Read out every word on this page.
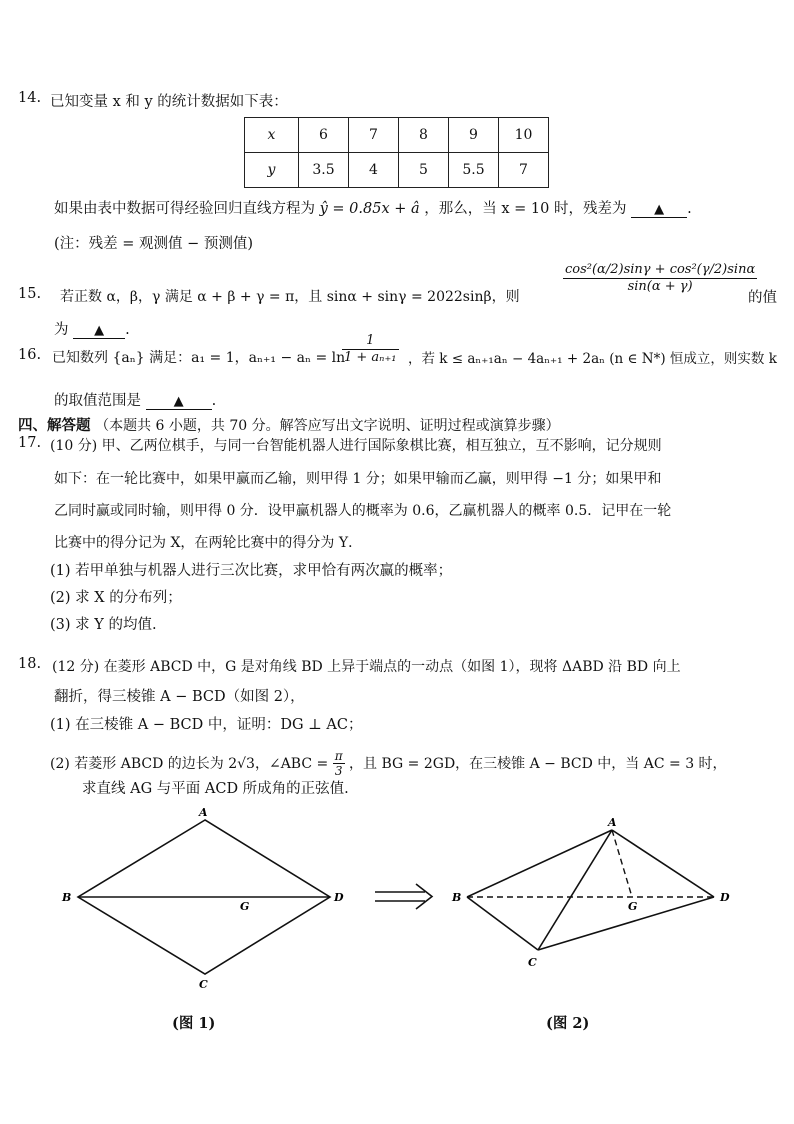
14. 已知变量 x 和 y 的统计数据如下表：
x	6	7	8	9	10
y	3.5	4	5	5.5	7
如果由表中数据可得经验回归直线方程为 ŷ = 0.85x + â ，那么，当 x = 10 时，残差为 ▲ .
(注：残差 = 观测值 − 预测值)
15. 若正数 α，β，γ 满足 α + β + γ = π，且 sinα + sinγ = 2022sinβ，则
$\frac{\text{cos²(α/2)sinγ + cos²(γ/2)sinα}}{\sin(\alpha + \gamma)}$
的值
为 ▲ .
16. 已知数列 {aₙ} 满足：a₁ = 1，aₙ₊₁ − aₙ = ln
$\frac{1}{\text{1 + aₙ₊₁}}$ ，若 k ≤ aₙ₊₁aₙ − 4aₙ₊₁ + 2aₙ (n ∈ N*) 恒成立，则实数 k
的取值范围是	▲ .
四、解答题 （本题共 6 小题，共 70 分。解答应写出文字说明、证明过程或演算步骤）
17. (10 分) 甲、乙两位棋手，与同一台智能机器人进行国际象棋比赛，相互独立，互不影响，记分规则
如下：在一轮比赛中，如果甲赢而乙输，则甲得 1 分；如果甲输而乙赢，则甲得 −1 分；如果甲和
乙同时赢或同时输，则甲得 0 分．设甲赢机器人的概率为 0.6，乙赢机器人的概率 0.5．记甲在一轮
比赛中的得分记为 X，在两轮比赛中的得分为 Y．
(1) 若甲单独与机器人进行三次比赛，求甲恰有两次赢的概率；
(2) 求 X 的分布列；
(3) 求 Y 的均值.
18. (12 分) 在菱形 ABCD 中，G 是对角线 BD 上异于端点的一动点（如图 1），现将 ΔABD 沿 BD 向上
翻折，得三棱锥 A − BCD（如图 2），
(1) 在三棱锥 A − BCD 中，证明：DG ⊥ AC；
(2) 若菱形 ABCD 的边长为 2√3，∠ABC = $\frac{\pi}{3}$ ，且 BG = 2GD，在三棱锥 A − BCD 中，当 AC = 3 时，
求直线 AG 与平面 ACD 所成角的正弦值.
A
B	D
C
G
A
B	D
C
G
(图 1)	(图 2)
